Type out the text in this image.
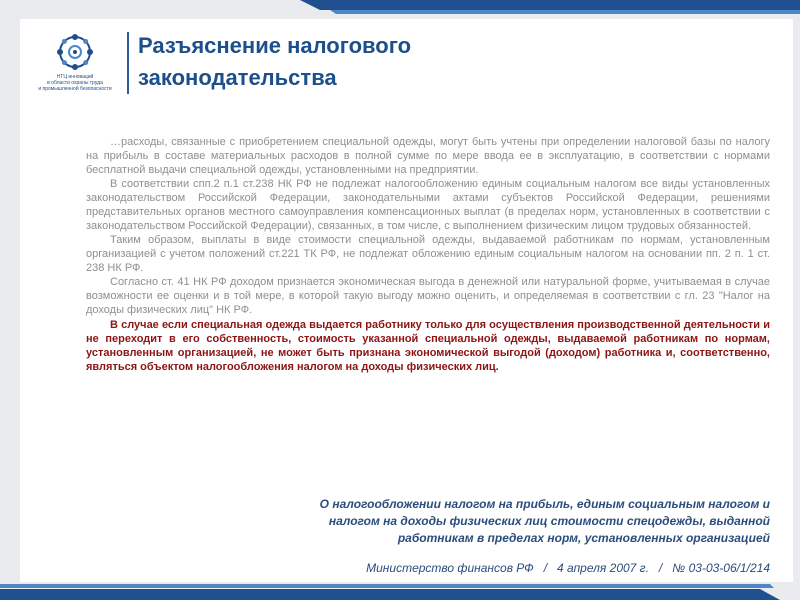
НТЦ инноваций
в области охраны труда
и промышленной безопасности
Разъяснение налогового
законодательства

…расходы, связанные с приобретением специальной одежды, могут быть учтены при определении налоговой базы по налогу на прибыль в составе материальных расходов в полной сумме по мере ввода ее в эксплуатацию, в соответствии с нормами бесплатной выдачи специальной одежды, установленными на предприятии.

В соответствии спп.2 п.1 ст.238 НК РФ не подлежат налогообложению единым социальным налогом все виды установленных законодательством Российской Федерации, законодательными актами субъектов Российской Федерации, решениями представительных органов местного самоуправления компенсационных выплат (в пределах норм, установленных в соответствии с законодательством Российской Федерации), связанных, в том числе, с выполнением физическим лицом трудовых обязанностей.

Таким образом, выплаты в виде стоимости специальной одежды, выдаваемой работникам по нормам, установленным организацией с учетом положений ст.221 ТК РФ, не подлежат обложению единым социальным налогом на основании пп. 2 п. 1 ст. 238 НК РФ.

Согласно ст. 41 НК РФ доходом признается экономическая выгода в денежной или натуральной форме, учитываемая в случае возможности ее оценки и в той мере, в которой такую выгоду можно оценить, и определяемая в соответствии с гл. 23 "Налог на доходы физических лиц" НК РФ.

В случае если специальная одежда выдается работнику только для осуществления производственной деятельности и не переходит в его собственность, стоимость указанной специальной одежды, выдаваемой работникам по нормам, установленным организацией, не может быть признана экономической выгодой (доходом) работника и, соответственно, являться объектом налогообложения налогом на доходы физических лиц.

О налогообложении налогом на прибыль, единым социальным налогом и
налогом на доходы физических лиц стоимости спецодежды, выданной
работникам в пределах норм, установленных организацией
Министерство финансов РФ   /   4 апреля 2007 г.   /   № 03-03-06/1/214
